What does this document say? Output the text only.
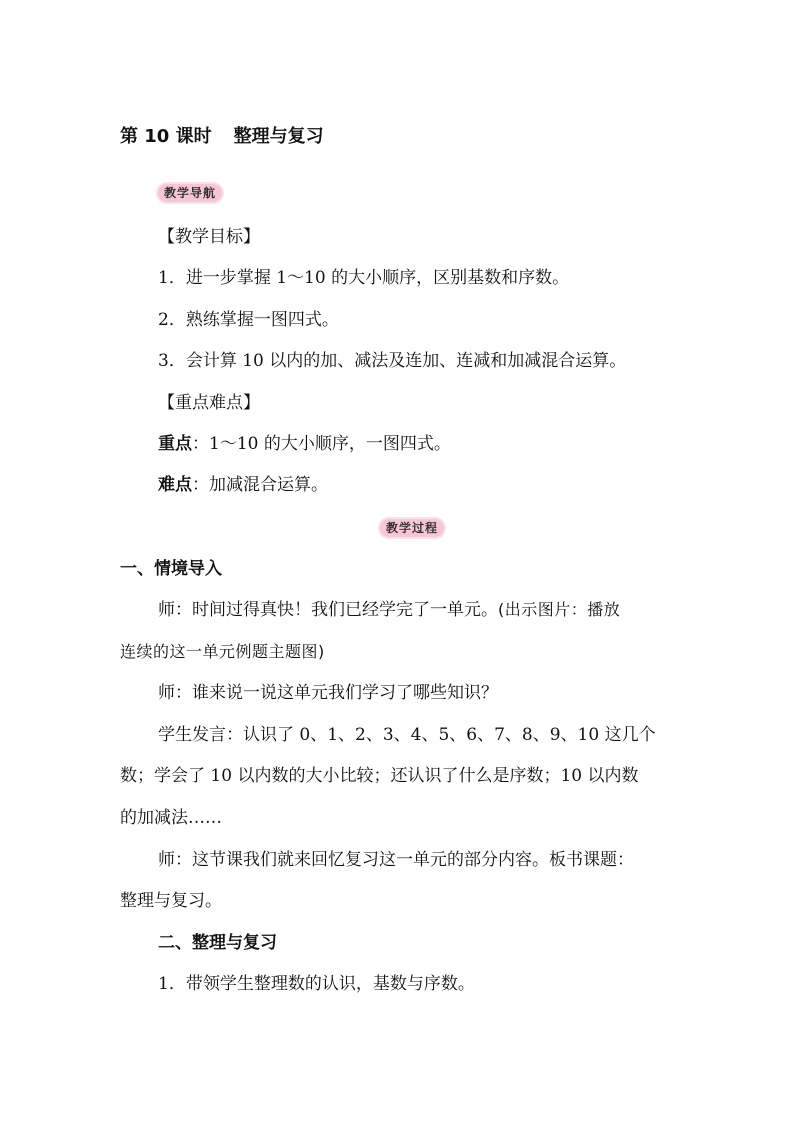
第 10 课时 整理与复习
教学导航
【教学目标】
1．进一步掌握 1～10 的大小顺序，区别基数和序数。
2．熟练掌握一图四式。
3．会计算 10 以内的加、减法及连加、连减和加减混合运算。
【重点难点】
重点：1～10 的大小顺序，一图四式。
难点：加减混合运算。
教学过程
一、情境导入
师：时间过得真快！我们已经学完了一单元。(出示图片：播放
连续的这一单元例题主题图)
师：谁来说一说这单元我们学习了哪些知识？
学生发言：认识了 0、1、2、3、4、5、6、7、8、9、10 这几个
数；学会了 10 以内数的大小比较；还认识了什么是序数；10 以内数
的加减法……
师：这节课我们就来回忆复习这一单元的部分内容。板书课题：
整理与复习。
二、整理与复习
1．带领学生整理数的认识，基数与序数。
